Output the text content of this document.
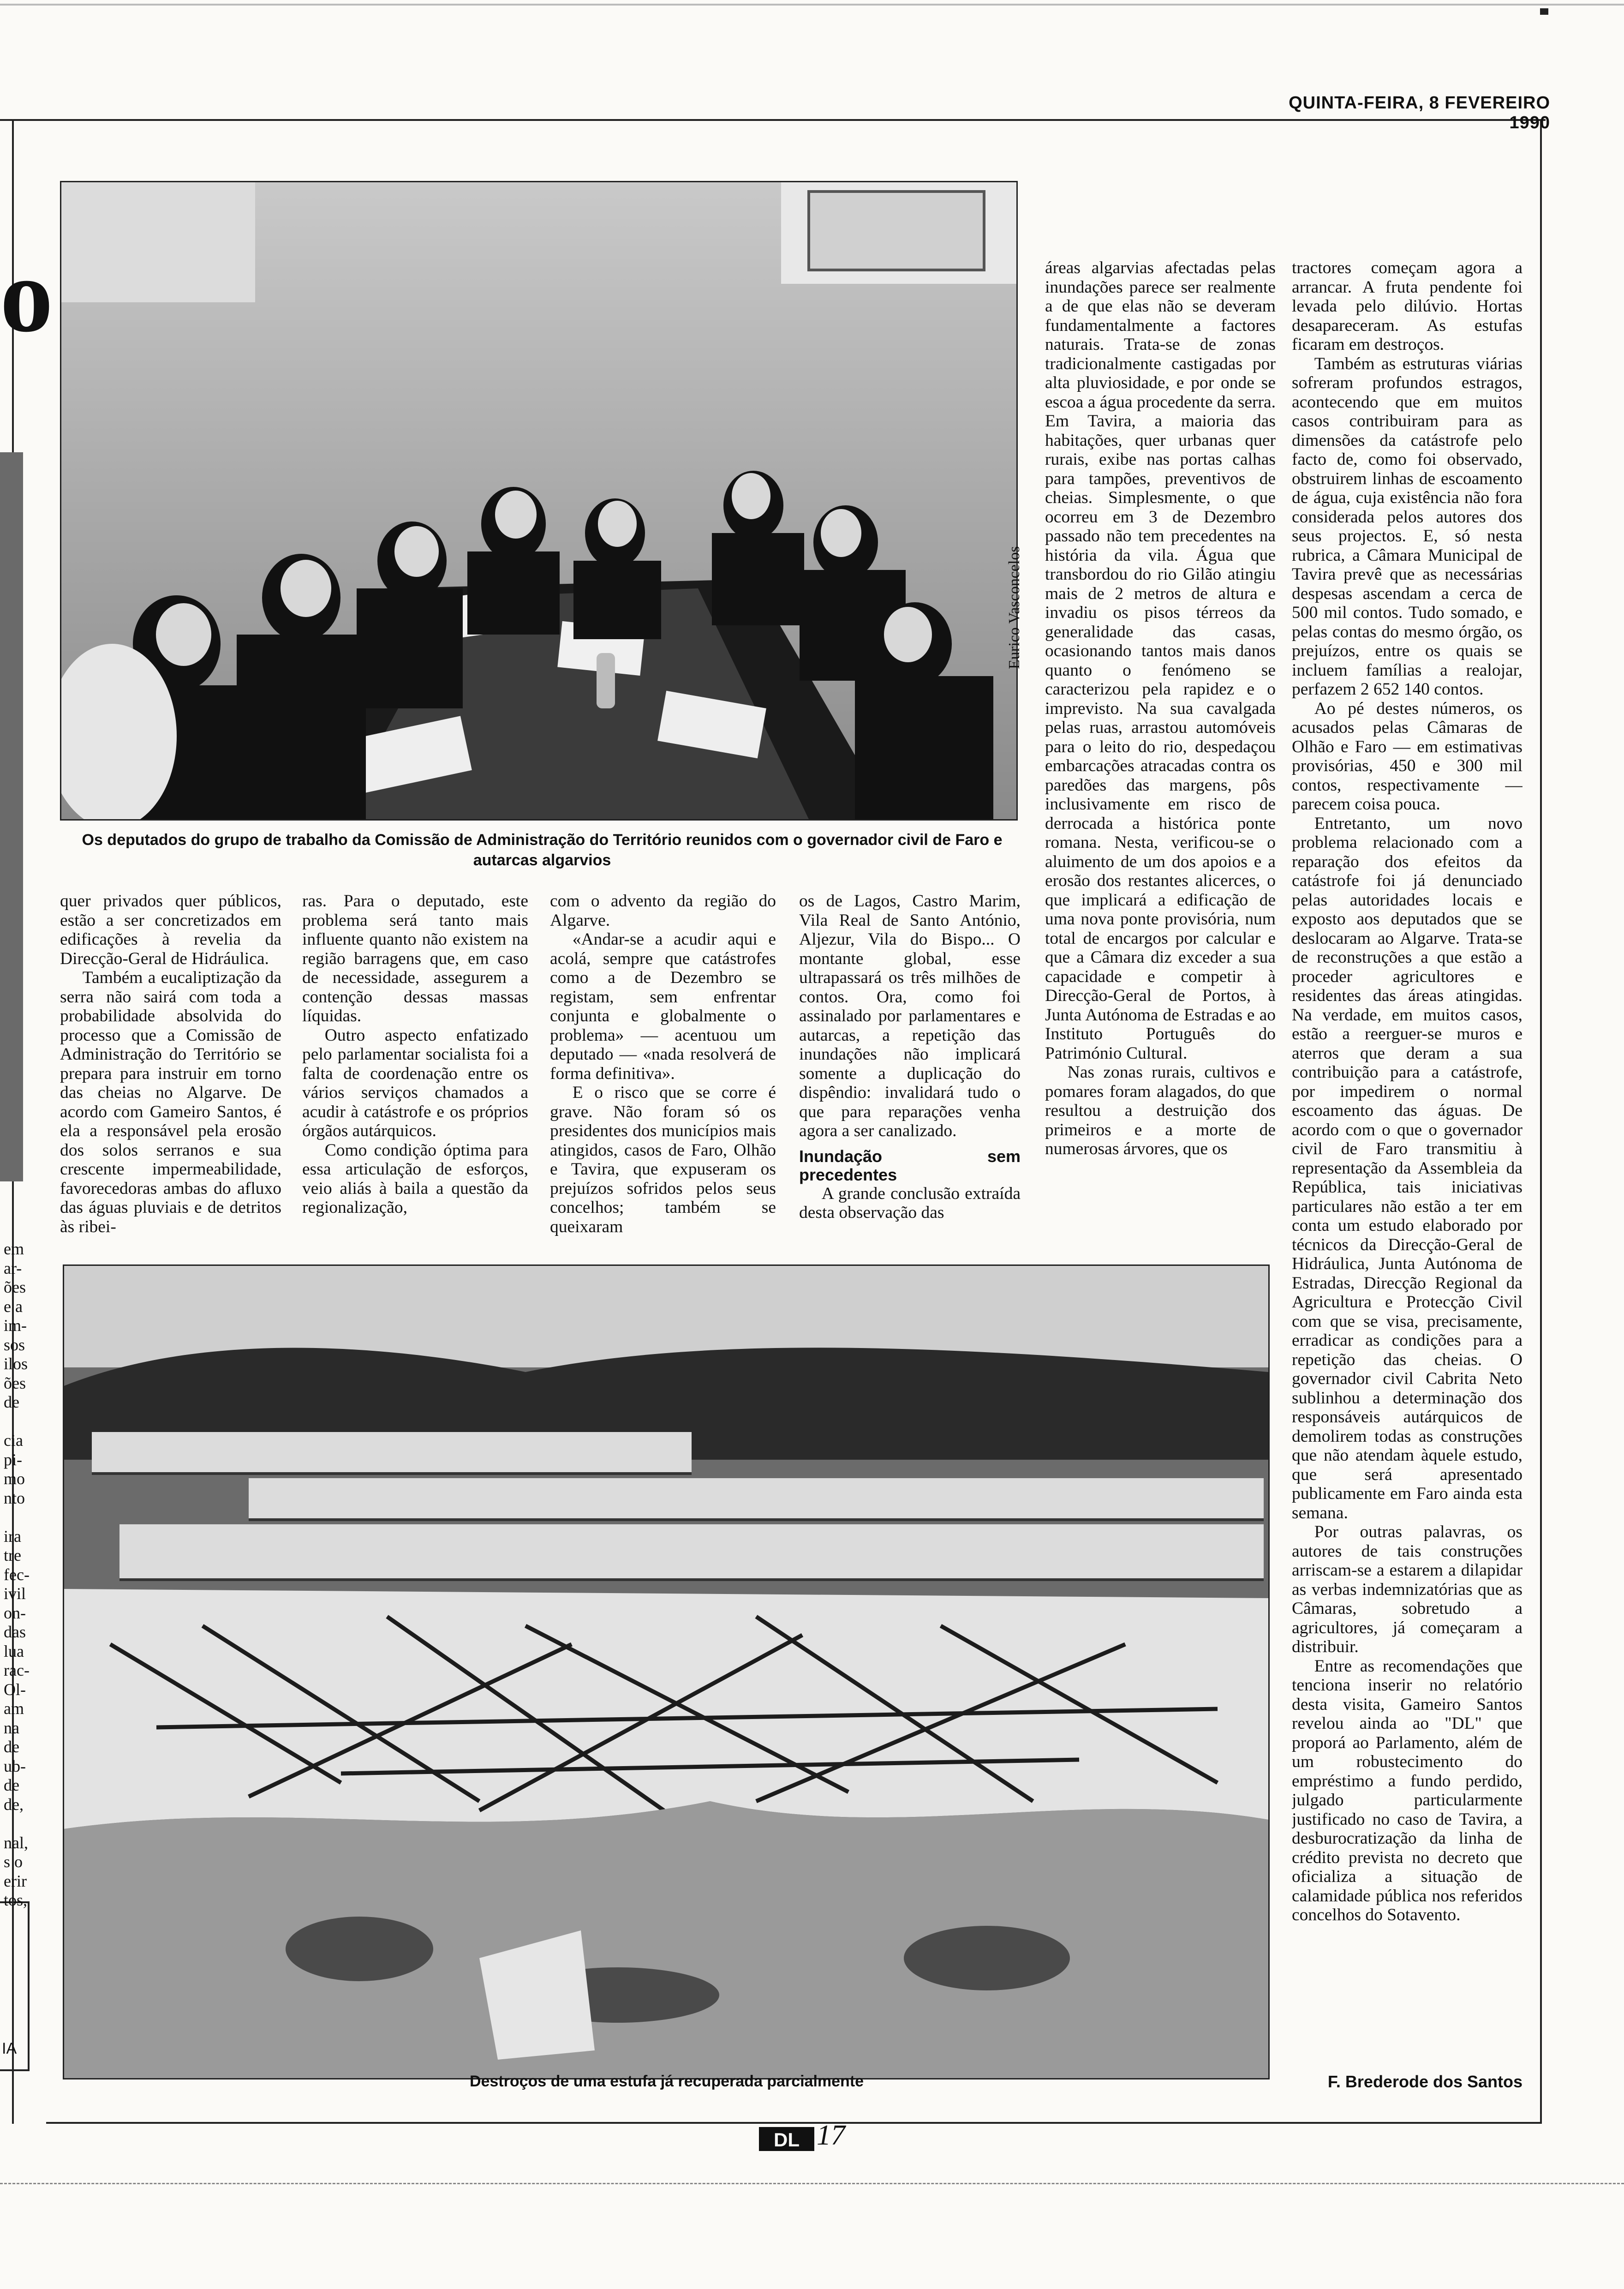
QUINTA-FEIRA, 8 FEVEREIRO 1990
o
IA
em
ar-
ões
e a
im-
sos
ilos
ões
de

cia
pi-
mo
nto

ira
tre
fec-
ivil
on-
das
lua
rac-
Ol-
am
na
de
ub-
de
de,

nal,
s o
erir
tos,
Eurico Vasconcelos
Os deputados do grupo de trabalho da Comissão de Administração do Território reunidos com o governador civil de Faro e autarcas algarvios

quer privados quer públicos, estão a ser concretizados em edificações à revelia da Direcção-Geral de Hidráulica.

Também a eucaliptização da serra não sairá com toda a probabilidade absolvida do processo que a Comissão de Administração do Território se prepara para instruir em torno das cheias no Algarve. De acordo com Gameiro Santos, é ela a responsável pela erosão dos solos serranos e sua crescente impermeabilidade, favorecedoras ambas do afluxo das águas pluviais e de detritos às ribei-

ras. Para o deputado, este problema será tanto mais influente quanto não existem na região barragens que, em caso de necessidade, assegurem a contenção dessas massas líquidas.

Outro aspecto enfatizado pelo parlamentar socialista foi a falta de coordenação entre os vários serviços chamados a acudir à catástrofe e os próprios órgãos autárquicos.

Como condição óptima para essa articulação de esforços, veio aliás à baila a questão da regionalização,

com o advento da região do Algarve.

«Andar-se a acudir aqui e acolá, sempre que catástrofes como a de Dezembro se registam, sem enfrentar conjunta e globalmente o problema» — acentuou um deputado — «nada resolverá de forma definitiva».

E o risco que se corre é grave. Não foram só os presidentes dos municípios mais atingidos, casos de Faro, Olhão e Tavira, que expuseram os prejuízos sofridos pelos seus concelhos; também se queixaram

os de Lagos, Castro Marim, Vila Real de Santo António, Aljezur, Vila do Bispo... O montante global, esse ultrapassará os três milhões de contos. Ora, como foi assinalado por parlamentares e autarcas, a repetição das inundações não implicará somente a duplicação do dispêndio: invalidará tudo o que para reparações venha agora a ser canalizado.

Inundação sem precedentes

A grande conclusão extraída desta observação das

áreas algarvias afectadas pelas inundações parece ser realmente a de que elas não se deveram fundamentalmente a factores naturais. Trata-se de zonas tradicionalmente castigadas por alta pluviosidade, e por onde se escoa a água procedente da serra. Em Tavira, a maioria das habitações, quer urbanas quer rurais, exibe nas portas calhas para tampões, preventivos de cheias. Simplesmente, o que ocorreu em 3 de Dezembro passado não tem precedentes na história da vila. Água que transbordou do rio Gilão atingiu mais de 2 metros de altura e invadiu os pisos térreos da generalidade das casas, ocasionando tantos mais danos quanto o fenómeno se caracterizou pela rapidez e o imprevisto. Na sua cavalgada pelas ruas, arrastou automóveis para o leito do rio, despedaçou embarcações atracadas contra os paredões das margens, pôs inclusivamente em risco de derrocada a histórica ponte romana. Nesta, verificou-se o aluimento de um dos apoios e a erosão dos restantes alicerces, o que implicará a edificação de uma nova ponte provisória, num total de encargos por calcular e que a Câmara diz exceder a sua capacidade e competir à Direcção-Geral de Portos, à Junta Autónoma de Estradas e ao Instituto Português do Património Cultural.

Nas zonas rurais, cultivos e pomares foram alagados, do que resultou a destruição dos primeiros e a morte de numerosas árvores, que os

tractores começam agora a arrancar. A fruta pendente foi levada pelo dilúvio. Hortas desapareceram. As estufas ficaram em destroços.

Também as estruturas viárias sofreram profundos estragos, acontecendo que em muitos casos contribuiram para as dimensões da catástrofe pelo facto de, como foi observado, obstruirem linhas de escoamento de água, cuja existência não fora considerada pelos autores dos seus projectos. E, só nesta rubrica, a Câmara Municipal de Tavira prevê que as necessárias despesas ascendam a cerca de 500 mil contos. Tudo somado, e pelas contas do mesmo órgão, os prejuízos, entre os quais se incluem famílias a realojar, perfazem 2 652 140 contos.

Ao pé destes números, os acusados pelas Câmaras de Olhão e Faro — em estimativas provisórias, 450 e 300 mil contos, respectivamente — parecem coisa pouca.

Entretanto, um novo problema relacionado com a reparação dos efeitos da catástrofe foi já denunciado pelas autoridades locais e exposto aos deputados que se deslocaram ao Algarve. Trata-se de reconstruções a que estão a proceder agricultores e residentes das áreas atingidas. Na verdade, em muitos casos, estão a reerguer-se muros e aterros que deram a sua contribuição para a catástrofe, por impedirem o normal escoamento das águas. De acordo com o que o governador civil de Faro transmitiu à representação da Assembleia da República, tais iniciativas particulares não estão a ter em conta um estudo elaborado por técnicos da Direcção-Geral de Hidráulica, Junta Autónoma de Estradas, Direcção Regional da Agricultura e Protecção Civil com que se visa, precisamente, erradicar as condições para a repetição das cheias. O governador civil Cabrita Neto sublinhou a determinação dos responsáveis autárquicos de demolirem todas as construções que não atendam àquele estudo, que será apresentado publicamente em Faro ainda esta semana.

Por outras palavras, os autores de tais construções arriscam-se a estarem a dilapidar as verbas indemnizatórias que as Câmaras, sobretudo a agricultores, já começaram a distribuir.

Entre as recomendações que tenciona inserir no relatório desta visita, Gameiro Santos revelou ainda ao "DL" que proporá ao Parlamento, além de um robustecimento do empréstimo a fundo perdido, julgado particularmente justificado no caso de Tavira, a desburocratização da linha de crédito prevista no decreto que oficializa a situação de calamidade pública nos referidos concelhos do Sotavento.

Destroços de uma estufa já recuperada parcialmente	F. Brederode dos Santos
DL 17
